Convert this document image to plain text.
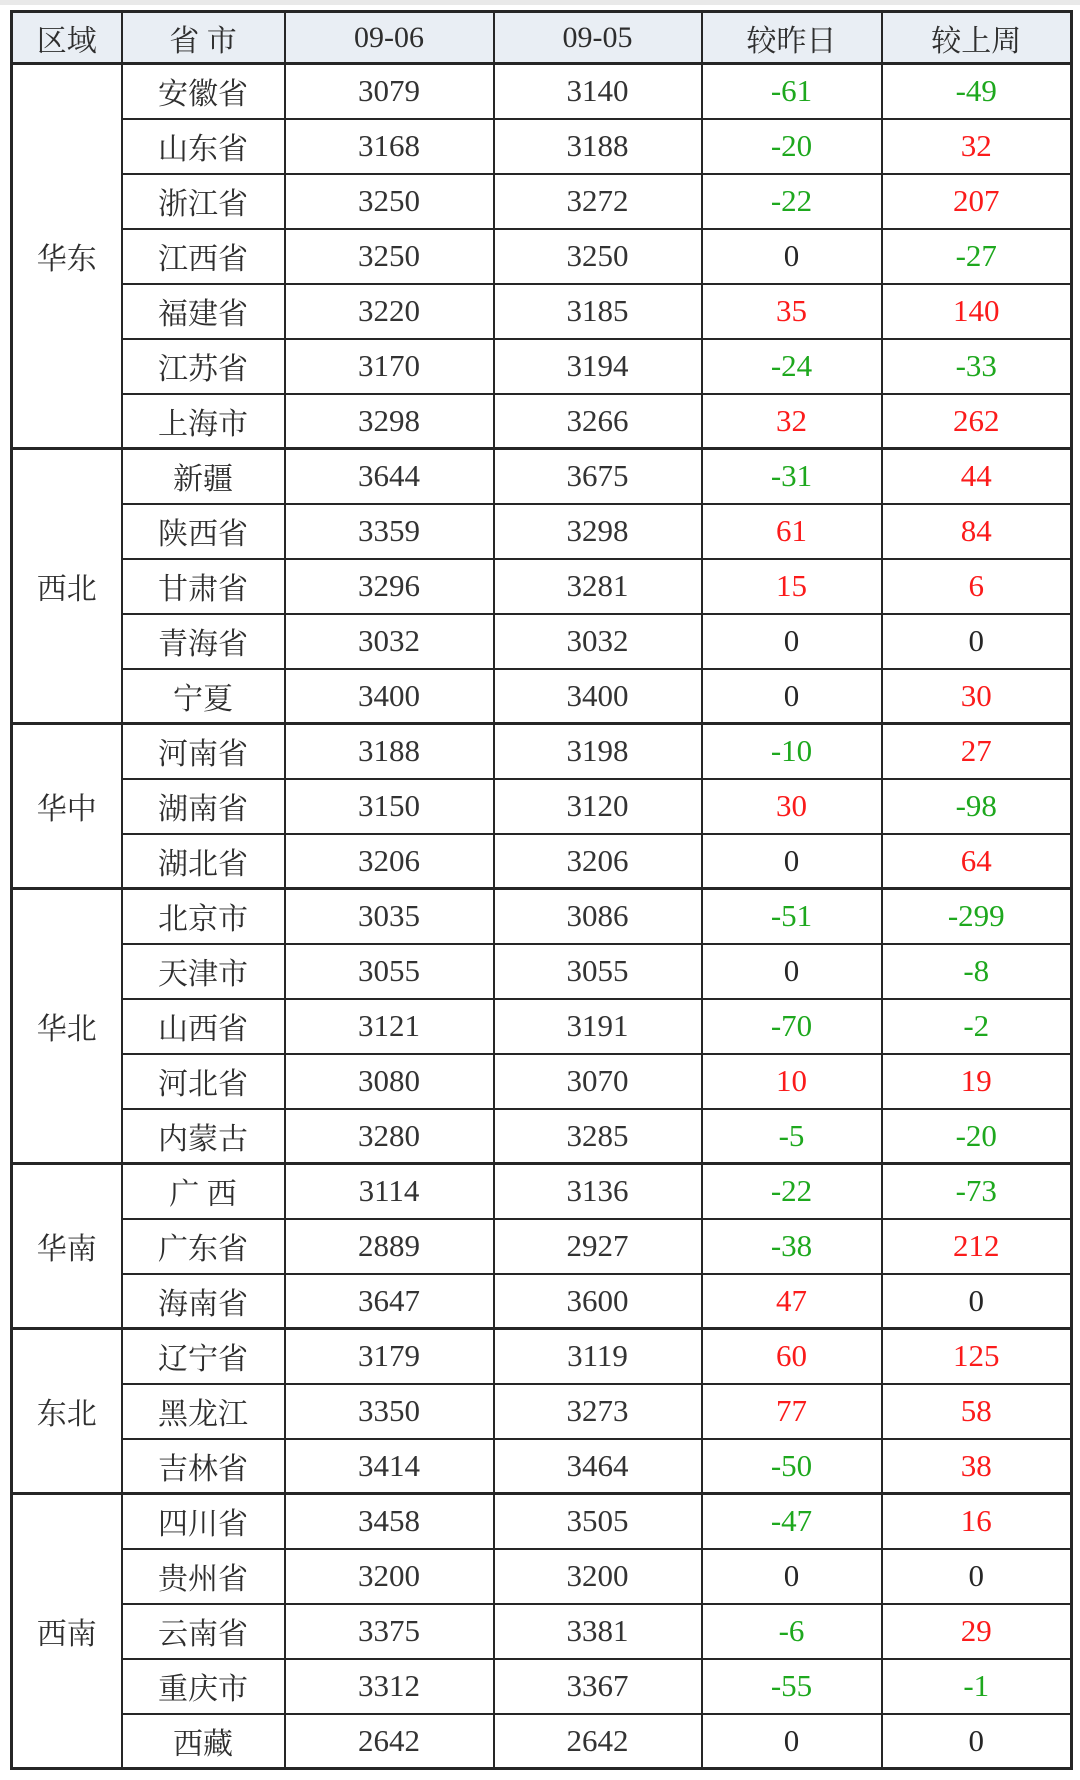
区域	省 市	09-06	09-05	较昨日	较上周
华东	安徽省	3079	3140	-61	-49
	山东省	3168	3188	-20	32
	浙江省	3250	3272	-22	207
	江西省	3250	3250	0	-27
	福建省	3220	3185	35	140
	江苏省	3170	3194	-24	-33
	上海市	3298	3266	32	262
西北	新疆	3644	3675	-31	44
	陕西省	3359	3298	61	84
	甘肃省	3296	3281	15	6
	青海省	3032	3032	0	0
	宁夏	3400	3400	0	30
华中	河南省	3188	3198	-10	27
	湖南省	3150	3120	30	-98
	湖北省	3206	3206	0	64
华北	北京市	3035	3086	-51	-299
	天津市	3055	3055	0	-8
	山西省	3121	3191	-70	-2
	河北省	3080	3070	10	19
	内蒙古	3280	3285	-5	-20
华南	广 西	3114	3136	-22	-73
	广东省	2889	2927	-38	212
	海南省	3647	3600	47	0
东北	辽宁省	3179	3119	60	125
	黑龙江	3350	3273	77	58
	吉林省	3414	3464	-50	38
西南	四川省	3458	3505	-47	16
	贵州省	3200	3200	0	0
	云南省	3375	3381	-6	29
	重庆市	3312	3367	-55	-1
	西藏	2642	2642	0	0
